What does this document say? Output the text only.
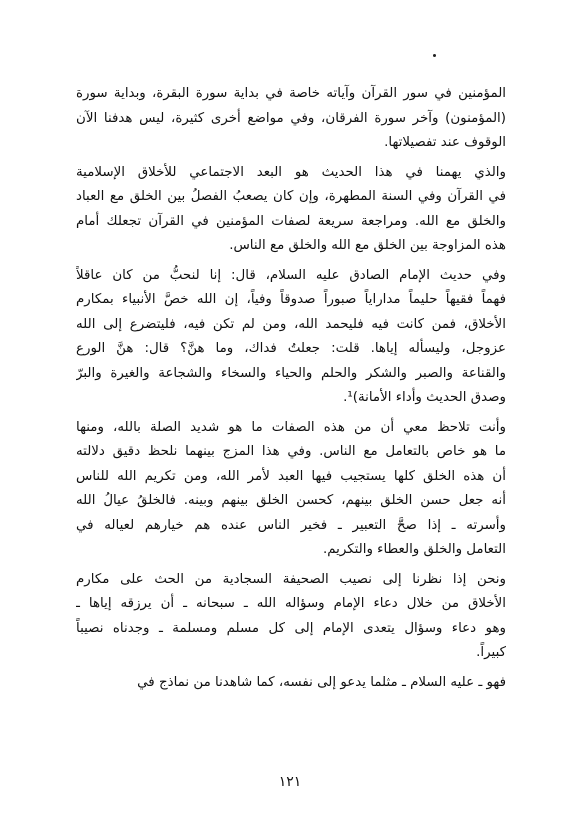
المؤمنين في سور القرآن وآياته خاصة في بداية سورة البقرة، وبداية سورة
(المؤمنون) وآخر سورة الفرقان، وفي مواضع أخرى كثيرة، ليس هدفنا الآن
الوقوف عند تفصيلاتها.
والذي يهمنا في هذا الحديث هو البعد الاجتماعي للأخلاق الإسلامية
في القرآن وفي السنة المطهرة، وإن كان يصعبُ الفصلُ بين الخلق مع العباد
والخلق مع الله. ومراجعة سريعة لصفات المؤمنين في القرآن تجعلك أمام
هذه المزاوجة بين الخلق مع الله والخلق مع الناس.
وفي حديث الإمام الصادق عليه السلام، قال: إنا لنحبُّ من كان عاقلاً
فهماً فقيهاً حليماً مداراياً صبوراً صدوقاً وفياً، إن الله خصَّ الأنبياء بمكارم
الأخلاق، فمن كانت فيه فليحمد الله، ومن لم تكن فيه، فليتضرع إلى الله
عزوجل، وليسأله إياها. قلت: جعلتُ فداك، وما هنَّ؟ قال: هنَّ الورع
والقناعة والصبر والشكر والحلم والحياء والسخاء والشجاعة والغيرة والبرّ
وصدق الحديث وأداء الأمانة)¹.
وأنت تلاحظ معي أن من هذه الصفات ما هو شديد الصلة بالله، ومنها
ما هو خاص بالتعامل مع الناس. وفي هذا المزج بينهما نلحظ دقيق دلالته
أن هذه الخلق كلها يستجيب فيها العبد لأمر الله، ومن تكريم الله للناس
أنه جعل حسن الخلق بينهم، كحسن الخلق بينهم وبينه. فالخلقُ عيالُ الله
وأسرته ـ إذا صحَّ التعبير ـ فخير الناس عنده هم خيارهم لعياله في
التعامل والخلق والعطاء والتكريم.
ونحن إذا نظرنا إلى نصيب الصحيفة السجادية من الحث على مكارم
الأخلاق من خلال دعاء الإمام وسؤاله الله ـ سبحانه ـ أن يرزقه إياها ـ
وهو دعاء وسؤال يتعدى الإمام إلى كل مسلم ومسلمة ـ وجدناه نصيباً
كبيراً.
فهو ـ عليه السلام ـ مثلما يدعو إلى نفسه، كما شاهدنا من نماذج في
١٢١
